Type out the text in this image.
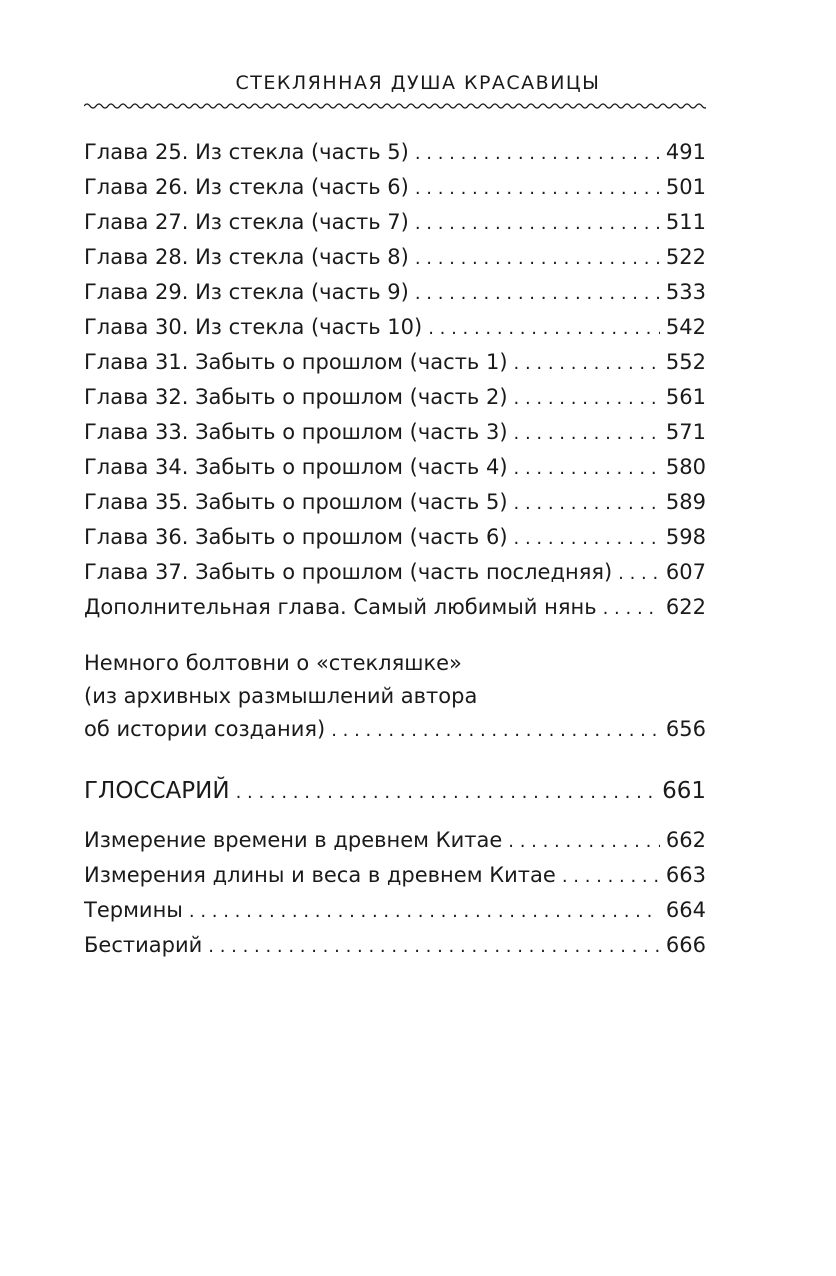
СТЕКЛЯННАЯ ДУША КРАСАВИЦЫ
Глава 25. Из стекла (часть 5) . . .	491
Глава 26. Из стекла (часть 6) . . .	501
Глава 27. Из стекла (часть 7) . . .	511
Глава 28. Из стекла (часть 8) . . .	522
Глава 29. Из стекла (часть 9) . . .	533
Глава 30. Из стекла (часть 10) . . .	542
Глава 31. Забыть о прошлом (часть 1) . . .	552
Глава 32. Забыть о прошлом (часть 2) . . .	561
Глава 33. Забыть о прошлом (часть 3) . . .	571
Глава 34. Забыть о прошлом (часть 4) . . .	580
Глава 35. Забыть о прошлом (часть 5) . . .	589
Глава 36. Забыть о прошлом (часть 6) . . .	598
Глава 37. Забыть о прошлом (часть последняя) . . .	607
Дополнительная глава. Самый любимый нянь . . .	622
Немного болтовни о «стекляшке»
(из архивных размышлений автора
об истории создания) . . .	656
ГЛОССАРИЙ . . .	661
Измерение времени в древнем Китае . . .	662
Измерения длины и веса в древнем Китае . . .	663
Термины . . .	664
Бестиарий . . .	666
